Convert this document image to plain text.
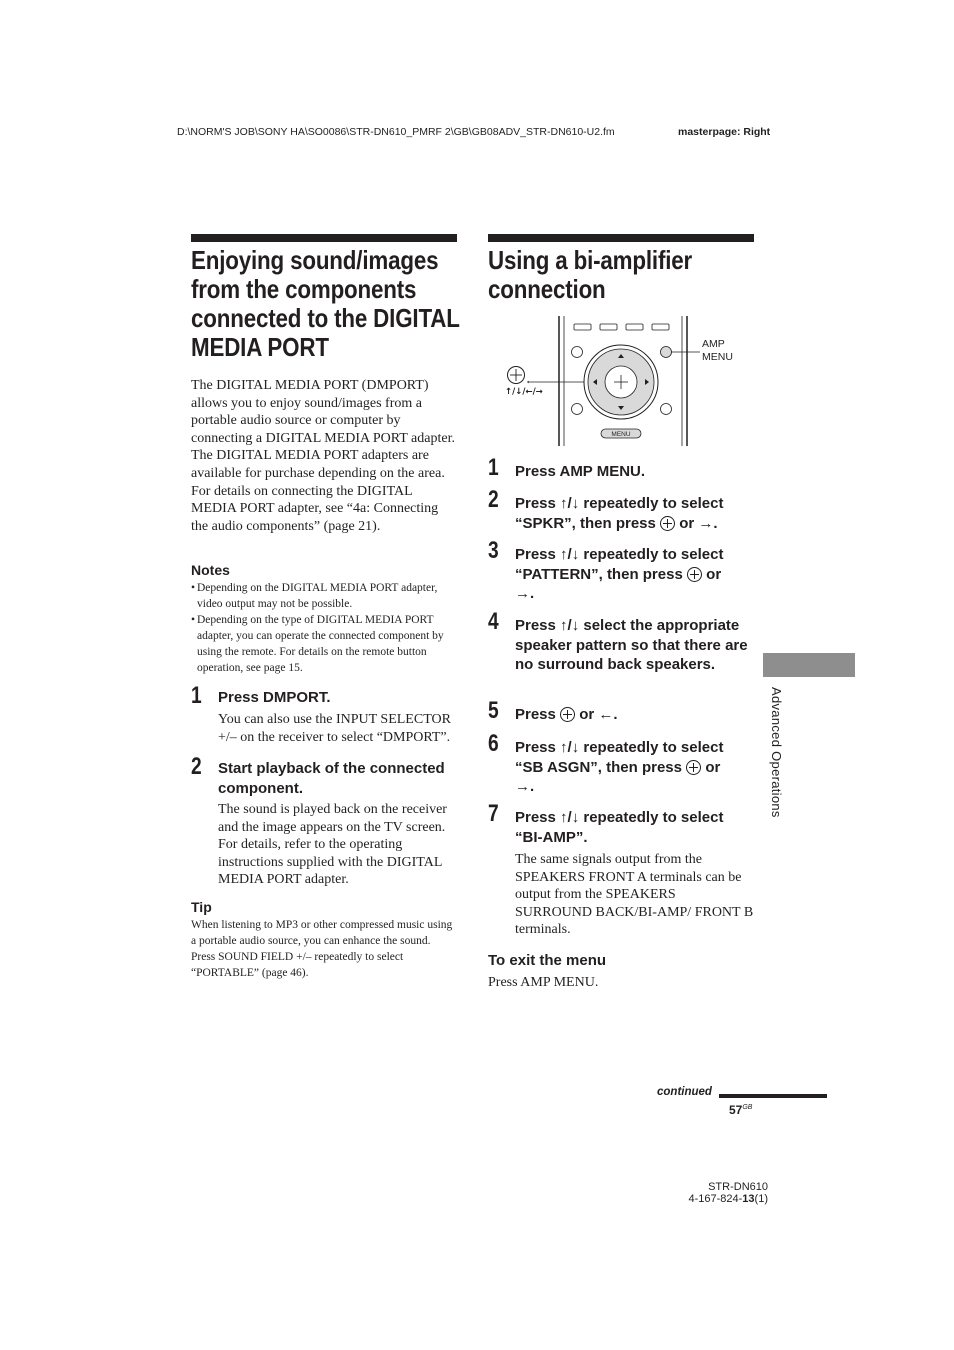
D:\NORM'S JOB\SONY HA\SO0086\STR-DN610_PMRF 2\GB\GB08ADV_STR-DN610-U2.fm	masterpage: Right
Enjoying sound/images
from the components
connected to the DIGITAL
MEDIA PORT

The DIGITAL MEDIA PORT (DMPORT) allows you to enjoy sound/images from a portable audio source or computer by connecting a DIGITAL MEDIA PORT adapter.

The DIGITAL MEDIA PORT adapters are available for purchase depending on the area. For details on connecting the DIGITAL MEDIA PORT adapter, see “4a: Connecting the audio components” (page 21).

Notes
• Depending on the DIGITAL MEDIA PORT adapter, video output may not be possible.
• Depending on the type of DIGITAL MEDIA PORT adapter, you can operate the connected component by using the remote. For details on the remote button operation, see page 15.
1 Press DMPORT.
You can also use the INPUT SELECTOR +/– on the receiver to select “DMPORT”.
2 Start playback of the connected component.
The sound is played back on the receiver and the image appears on the TV screen. For details, refer to the operating instructions supplied with the DIGITAL MEDIA PORT adapter.
Tip
When listening to MP3 or other compressed music using a portable audio source, you can enhance the sound. Press SOUND FIELD +/– repeatedly to select “PORTABLE” (page 46).
Using a bi-amplifier
connection
MENU
,
↑/↓/←/→
AMP
MENU
1 Press AMP MENU.
2 Press ↑/↓ repeatedly to select
“SPKR”, then press or →.
3 Press ↑/↓ repeatedly to select
“PATTERN”, then press or
→.
4 Press ↑/↓ select the appropriate speaker pattern so that there are no surround back speakers.
5 Press or ←.
6 Press ↑/↓ repeatedly to select
“SB ASGN”, then press or
→.
7 Press ↑/↓ repeatedly to select “BI-AMP”.
The same signals output from the SPEAKERS FRONT A terminals can be output from the SPEAKERS SURROUND BACK/BI-AMP/ FRONT B terminals.
To exit the menu
Press AMP MENU.
Advanced Operations
continued
$57^{GB}$
STR-DN610
4-167-824-13(1)
